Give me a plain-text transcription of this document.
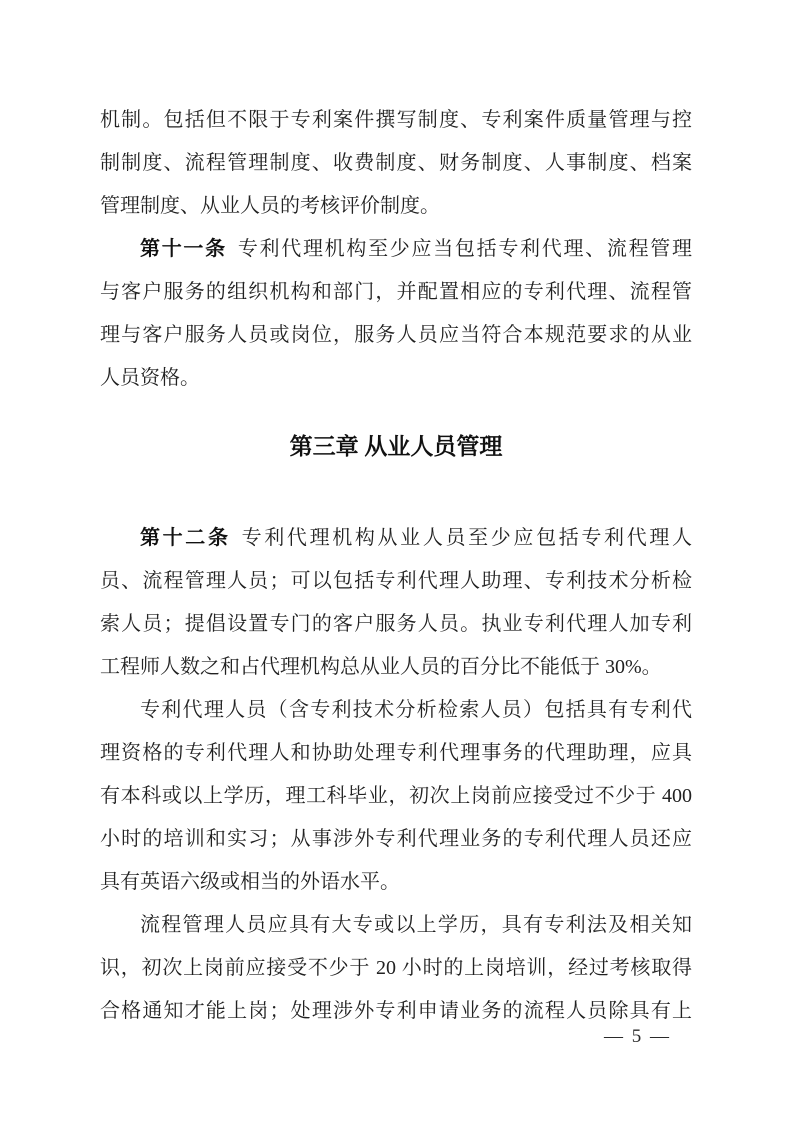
机制。包括但不限于专利案件撰写制度、专利案件质量管理与控
制制度、流程管理制度、收费制度、财务制度、人事制度、档案
管理制度、从业人员的考核评价制度。
第十一条 专利代理机构至少应当包括专利代理、流程管理
与客户服务的组织机构和部门，并配置相应的专利代理、流程管
理与客户服务人员或岗位，服务人员应当符合本规范要求的从业
人员资格。
第三章 从业人员管理
第十二条 专利代理机构从业人员至少应包括专利代理人
员、流程管理人员；可以包括专利代理人助理、专利技术分析检
索人员；提倡设置专门的客户服务人员。执业专利代理人加专利
工程师人数之和占代理机构总从业人员的百分比不能低于 30%。
专利代理人员（含专利技术分析检索人员）包括具有专利代
理资格的专利代理人和协助处理专利代理事务的代理助理，应具
有本科或以上学历，理工科毕业，初次上岗前应接受过不少于 400
小时的培训和实习；从事涉外专利代理业务的专利代理人员还应
具有英语六级或相当的外语水平。
流程管理人员应具有大专或以上学历，具有专利法及相关知
识，初次上岗前应接受不少于 20 小时的上岗培训，经过考核取得
合格通知才能上岗；处理涉外专利申请业务的流程人员除具有上
— 5 —
